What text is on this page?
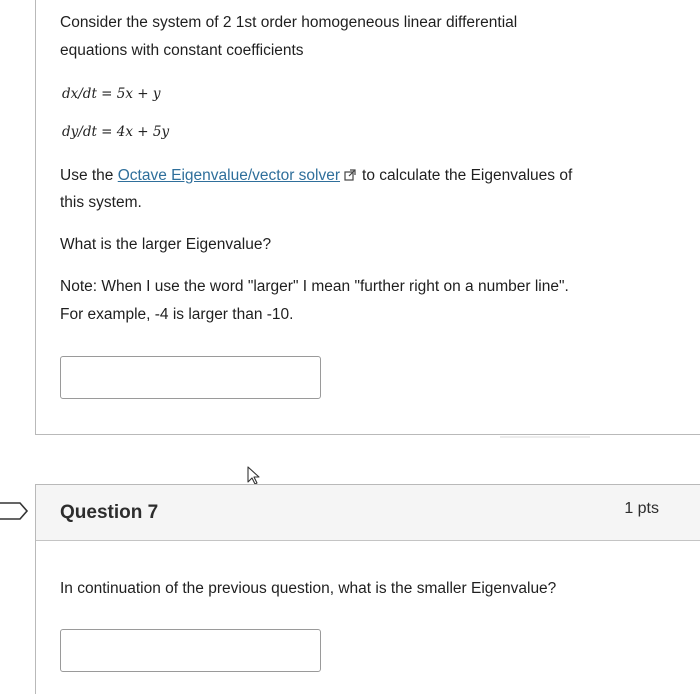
Consider the system of 2 1st order homogeneous linear differential
equations with constant coefficients
dx/dt = 5x + y
dy/dt = 4x + 5y
Use the Octave Eigenvalue/vector solver to calculate the Eigenvalues of
this system.
What is the larger Eigenvalue?
Note: When I use the word "larger" I mean "further right on a number line".
For example, -4 is larger than -10.
Question 7	1 pts
In continuation of the previous question, what is the smaller Eigenvalue?
